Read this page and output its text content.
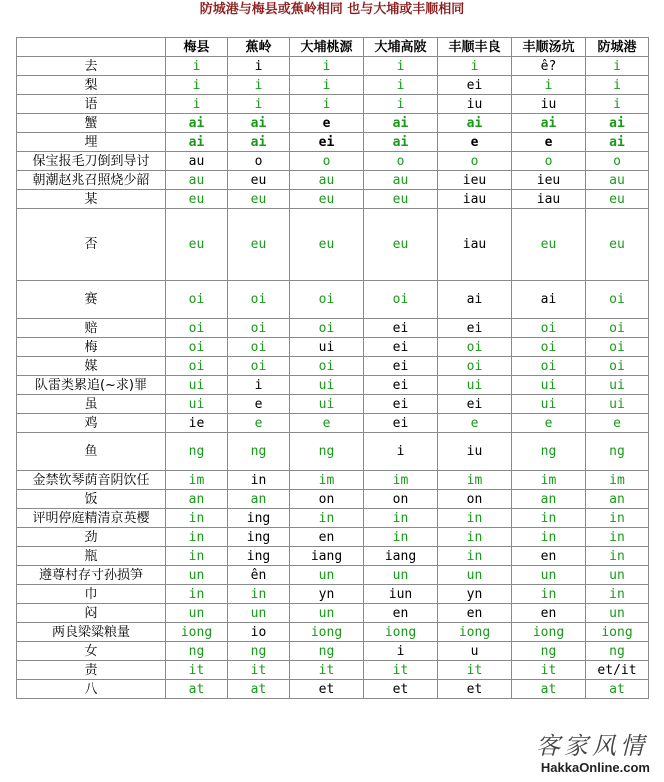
防城港与梅县或蕉岭相同 也与大埔或丰顺相同
	梅县	蕉岭	大埔桃源	大埔高陂	丰顺丰良	丰顺汤坑	防城港
去	i	i	i	i	i	ê?	i
梨	i	i	i	i	ei	i	i
语	i	i	i	i	iu	iu	i
蟹	ai	ai	e	ai	ai	ai	ai
埋	ai	ai	ei	ai	e	e	ai
保宝报毛刀倒到导讨	au	o	o	o	o	o	o
朝潮赵兆召照烧少韶	au	eu	au	au	ieu	ieu	au
某	eu	eu	eu	eu	iau	iau	eu
否	eu	eu	eu	eu	iau	eu	eu
赛	oi	oi	oi	oi	ai	ai	oi
赔	oi	oi	oi	ei	ei	oi	oi
梅	oi	oi	ui	ei	oi	oi	oi
媒	oi	oi	oi	ei	oi	oi	oi
队雷类累追(~求)罪	ui	i	ui	ei	ui	ui	ui
虽	ui	e	ui	ei	ei	ui	ui
鸡	ie	e	e	ei	e	e	e
鱼	ng	ng	ng	i	iu	ng	ng
金禁钦琴荫音阴饮任	im	in	im	im	im	im	im
饭	an	an	on	on	on	an	an
评明停庭精清京英樱	in	ing	in	in	in	in	in
劲	in	ing	en	in	in	in	in
瓶	in	ing	iang	iang	in	en	in
遵尊村存寸孙损笋	un	ên	un	un	un	un	un
巾	in	in	yn	iun	yn	in	in
闷	un	un	un	en	en	en	un
两良梁粱粮量	iong	io	iong	iong	iong	iong	iong
女	ng	ng	ng	i	u	ng	ng
责	it	it	it	it	it	it	et/it
八	at	at	et	et	et	at	at
客家风情
HakkaOnline.com
